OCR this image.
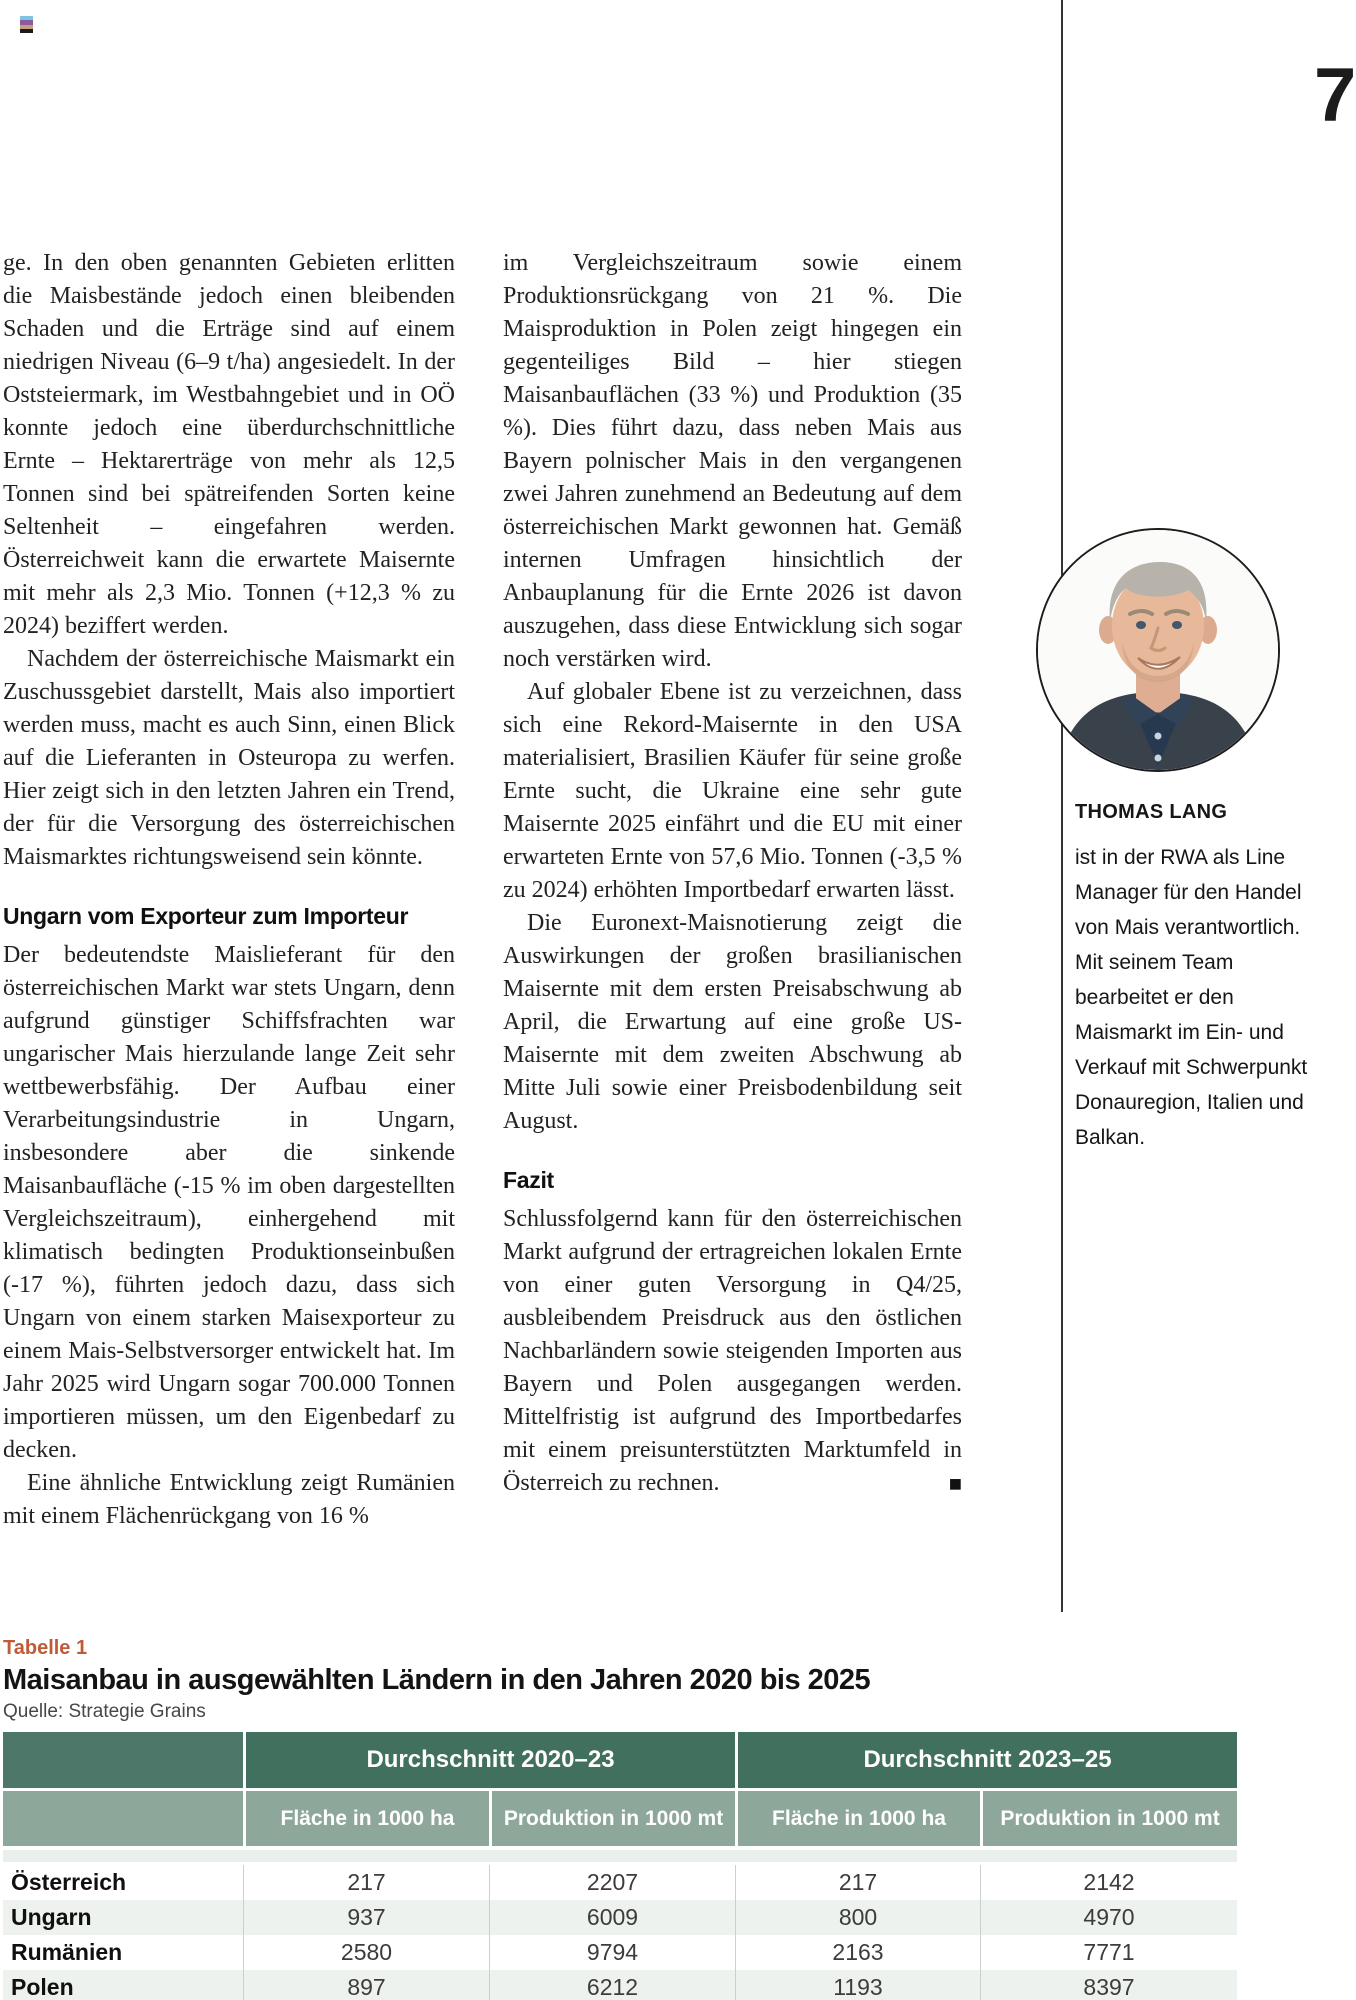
7

ge. In den oben genannten Gebieten erlitten die Maisbestände jedoch einen bleibenden Schaden und die Erträge sind auf einem niedrigen Niveau (6–9 t/ha) angesiedelt. In der Oststeiermark, im Westbahngebiet und in OÖ konnte jedoch eine überdurchschnittliche Ernte – Hektarerträge von mehr als 12,5 Tonnen sind bei spätreifenden Sorten keine Seltenheit – eingefahren werden. Österreichweit kann die erwartete Maisernte mit mehr als 2,3 Mio. Tonnen (+12,3 % zu 2024) beziffert werden.

Nachdem der österreichische Maismarkt ein Zuschussgebiet darstellt, Mais also importiert werden muss, macht es auch Sinn, einen Blick auf die Lieferanten in Osteuropa zu werfen. Hier zeigt sich in den letzten Jahren ein Trend, der für die Versorgung des österreichischen Maismarktes richtungsweisend sein könnte.

Ungarn vom Exporteur zum Importeur

Der bedeutendste Maislieferant für den österreichischen Markt war stets Ungarn, denn aufgrund günstiger Schiffsfrachten war ungarischer Mais hierzulande lange Zeit sehr wettbewerbsfähig. Der Aufbau einer Verarbeitungsindustrie in Ungarn, insbesondere aber die sinkende Maisanbaufläche (-15 % im oben dargestellten Vergleichszeitraum), einhergehend mit klimatisch bedingten Produktionseinbußen (-17 %), führten jedoch dazu, dass sich Ungarn von einem starken Maisexporteur zu einem Mais-Selbstversorger entwickelt hat. Im Jahr 2025 wird Ungarn sogar 700.000 Tonnen importieren müssen, um den Eigenbedarf zu decken.

Eine ähnliche Entwicklung zeigt Rumänien mit einem Flächenrückgang von 16 %

im Vergleichszeitraum sowie einem Produktionsrückgang von 21 %. Die Maisproduktion in Polen zeigt hingegen ein gegenteiliges Bild – hier stiegen Maisanbauflächen (33 %) und Produktion (35 %). Dies führt dazu, dass neben Mais aus Bayern polnischer Mais in den vergangenen zwei Jahren zunehmend an Bedeutung auf dem österreichischen Markt gewonnen hat. Gemäß internen Umfragen hinsichtlich der Anbauplanung für die Ernte 2026 ist davon auszugehen, dass diese Entwicklung sich sogar noch verstärken wird.

Auf globaler Ebene ist zu verzeichnen, dass sich eine Rekord-Maisernte in den USA materialisiert, Brasilien Käufer für seine große Ernte sucht, die Ukraine eine sehr gute Maisernte 2025 einfährt und die EU mit einer erwarteten Ernte von 57,6 Mio. Tonnen (-3,5 % zu 2024) erhöhten Importbedarf erwarten lässt.

Die Euronext-Maisnotierung zeigt die Auswirkungen der großen brasilianischen Maisernte mit dem ersten Preisabschwung ab April, die Erwartung auf eine große US-Maisernte mit dem zweiten Abschwung ab Mitte Juli sowie einer Preisbodenbildung seit August.

Fazit

Schlussfolgernd kann für den österreichischen Markt aufgrund der ertragreichen lokalen Ernte von einer guten Versorgung in Q4/25, ausbleibendem Preisdruck aus den östlichen Nachbarländern sowie steigenden Importen aus Bayern und Polen ausgegangen werden. Mittelfristig ist aufgrund des Importbedarfes mit einem preisunterstützten Marktumfeld in Österreich zu rechnen.	■

THOMAS LANG

ist in der RWA als Line Manager für den Handel von Mais verantwortlich. Mit seinem Team bearbeitet er den Maismarkt im Ein- und Verkauf mit Schwerpunkt Donauregion, Italien und Balkan.

Tabelle 1
Maisanbau in ausgewählten Ländern in den Jahren 2020 bis 2025
Quelle: Strategie Grains
Durchschnitt 2020–23	Durchschnitt 2023–25
Fläche in 1000 ha	Produktion in 1000 mt	Fläche in 1000 ha	Produktion in 1000 mt
Österreich	217	2207	217	2142
Ungarn	937	6009	800	4970
Rumänien	2580	9794	2163	7771
Polen	897	6212	1193	8397
